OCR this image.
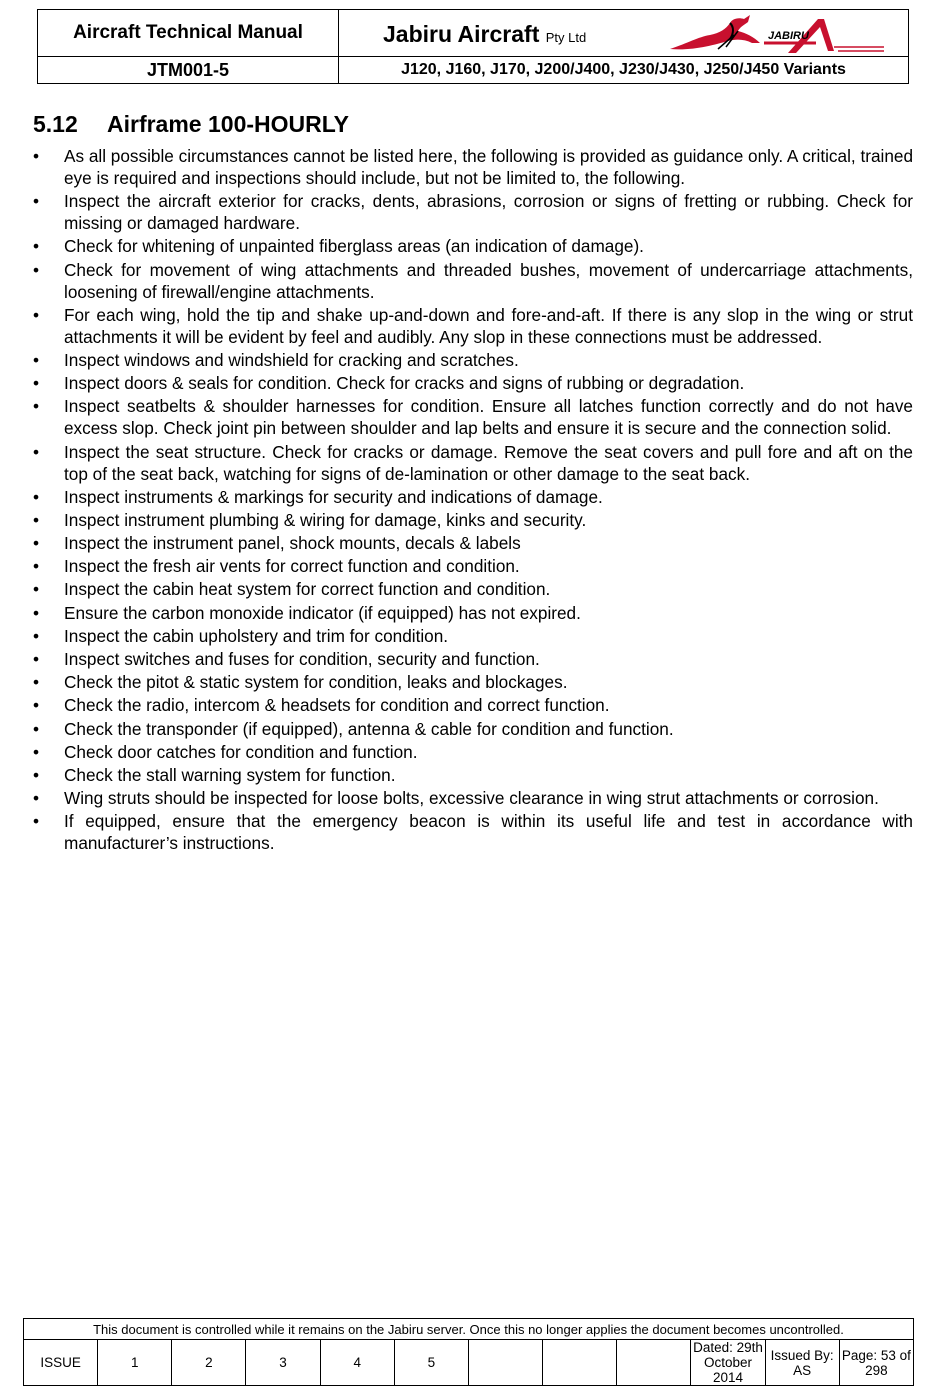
Aircraft Technical Manual	Jabiru Aircraft Pty Ltd JABIRU

JTM001-5	J120, J160, J170, J200/J400, J230/J430, J250/J450 Variants
5.12 Airframe 100-HOURLY
• As all possible circumstances cannot be listed here, the following is provided as guidance only. A critical, trained eye is required and inspections should include, but not be limited to, the following.
• Inspect the aircraft exterior for cracks, dents, abrasions, corrosion or signs of fretting or rubbing. Check for missing or damaged hardware.
• Check for whitening of unpainted fiberglass areas (an indication of damage).
• Check for movement of wing attachments and threaded bushes, movement of undercarriage attachments, loosening of firewall/engine attachments.
• For each wing, hold the tip and shake up-and-down and fore-and-aft. If there is any slop in the wing or strut attachments it will be evident by feel and audibly. Any slop in these connections must be addressed.
• Inspect windows and windshield for cracking and scratches.
• Inspect doors & seals for condition. Check for cracks and signs of rubbing or degradation.
• Inspect seatbelts & shoulder harnesses for condition. Ensure all latches function correctly and do not have excess slop. Check joint pin between shoulder and lap belts and ensure it is secure and the connection solid.
• Inspect the seat structure. Check for cracks or damage. Remove the seat covers and pull fore and aft on the top of the seat back, watching for signs of de-lamination or other damage to the seat back.
• Inspect instruments & markings for security and indications of damage.
• Inspect instrument plumbing & wiring for damage, kinks and security.
• Inspect the instrument panel, shock mounts, decals & labels
• Inspect the fresh air vents for correct function and condition.
• Inspect the cabin heat system for correct function and condition.
• Ensure the carbon monoxide indicator (if equipped) has not expired.
• Inspect the cabin upholstery and trim for condition.
• Inspect switches and fuses for condition, security and function.
• Check the pitot & static system for condition, leaks and blockages.
• Check the radio, intercom & headsets for condition and correct function.
• Check the transponder (if equipped), antenna & cable for condition and function.
• Check door catches for condition and function.
• Check the stall warning system for function.
• Wing struts should be inspected for loose bolts, excessive clearance in wing strut attachments or corrosion.
• If equipped, ensure that the emergency beacon is within its useful life and test in accordance with manufacturer’s instructions.
This document is controlled while it remains on the Jabiru server. Once this no longer applies the document becomes uncontrolled.
ISSUE	1	2	3	4	5				Dated: 29th October 2014	Issued By: AS	Page: 53 of 298
